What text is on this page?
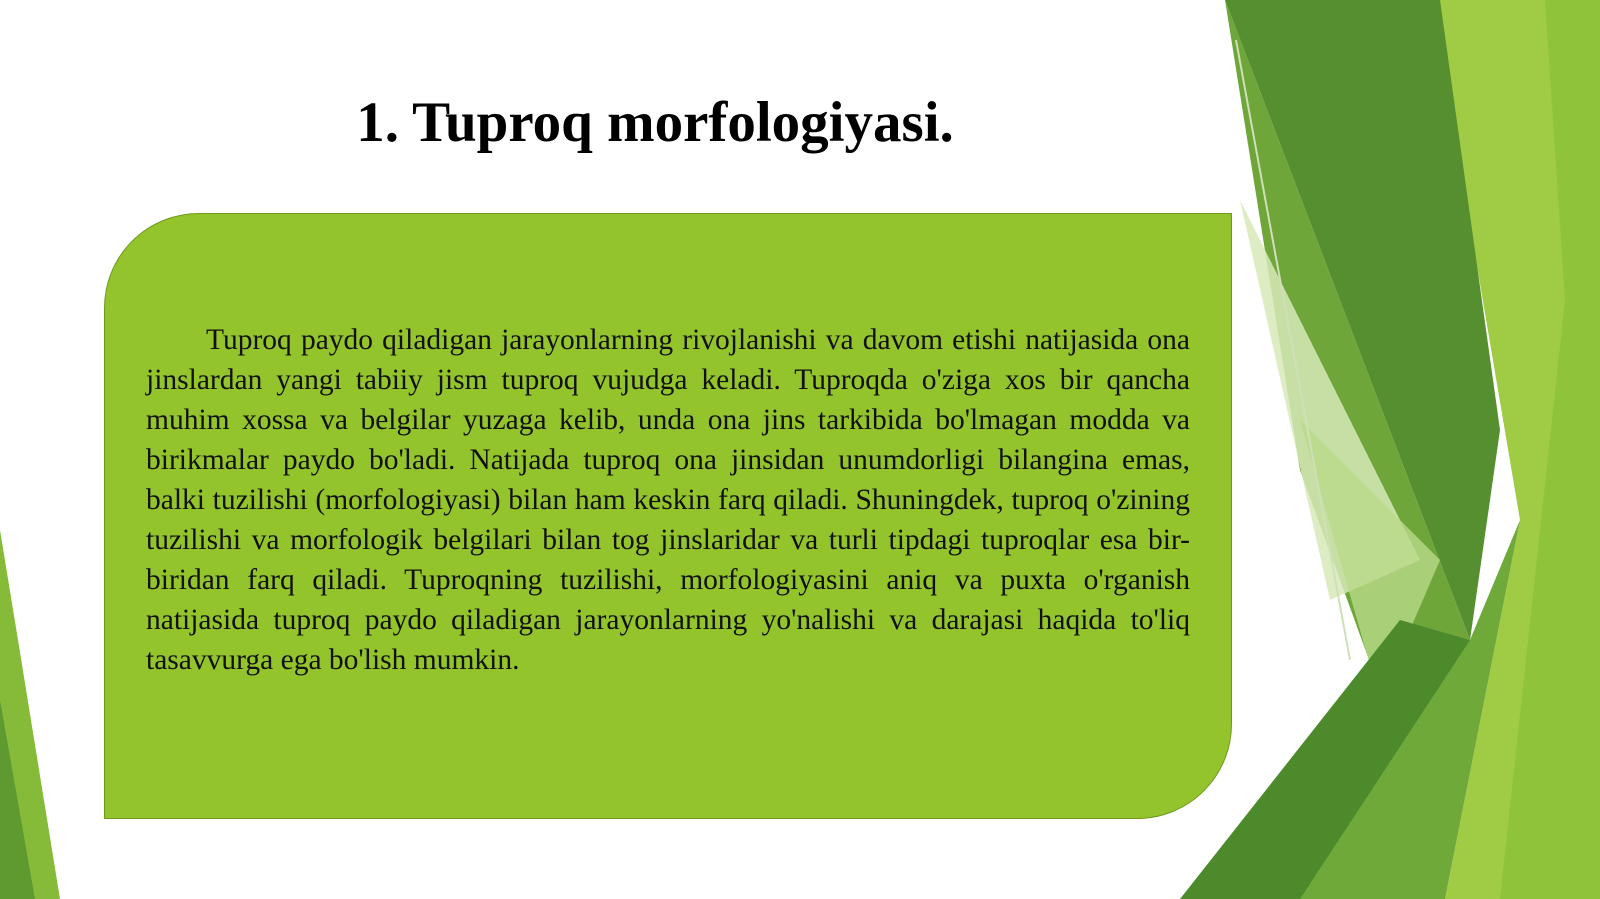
1. Tuproq morfologiyasi.

Tuproq paydo qiladigan jarayonlarning rivojlanishi va davom etishi natijasida ona jinslardan yangi tabiiy jism tuproq vujudga keladi. Tuproqda o'ziga xos bir qancha muhim xossa va belgilar yuzaga kelib, unda ona jins tarkibida bo'lmagan modda va birikmalar paydo bo'ladi. Natijada tuproq ona jinsidan unumdorligi bilangina emas, balki tuzilishi (morfologiyasi) bilan ham keskin farq qiladi. Shuningdek, tuproq o'zining tuzilishi va morfologik belgilari bilan tog jinslaridar va turli tipdagi tuproqlar esa bir-biridan farq qiladi. Tuproqning tuzilishi, morfologiyasini aniq va puxta o'rganish natijasida tuproq paydo qiladigan jarayonlarning yo'nalishi va darajasi haqida to'liq tasavvurga ega bo'lish mumkin.
